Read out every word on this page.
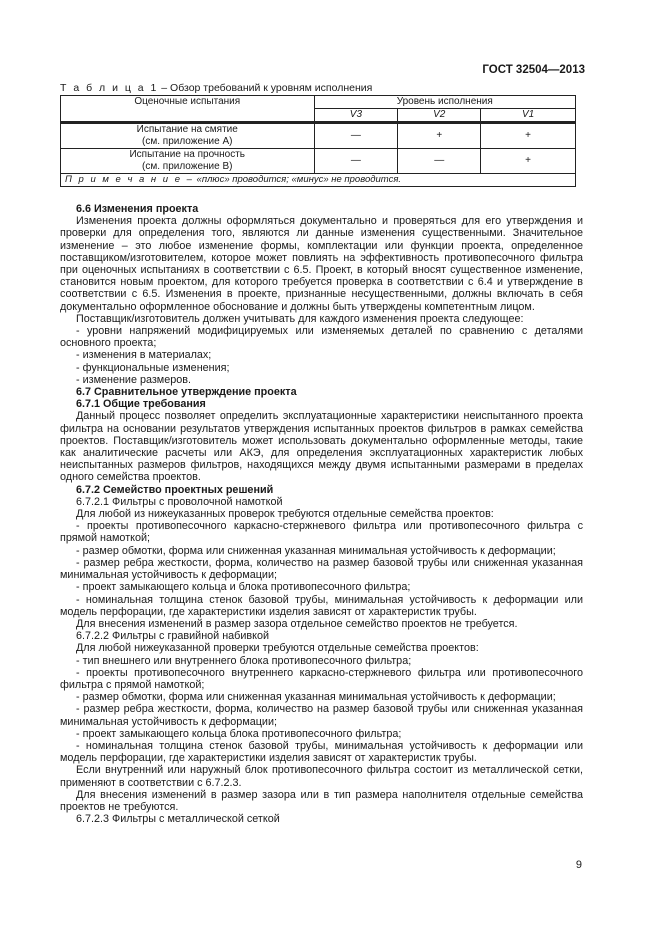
ГОСТ 32504—2013
Т а б л и ц а 1 – Обзор требований к уровням исполнения
Оценочные испытания	Уровень исполнения		
	V3	V2	V1

Испытание на смятие
(см. приложение А)	—	+	+

Испытание на прочность
(см. приложение В)	—	—	+
П р и м е ч а н и е – «плюс» проводится; «минус» не проводится.			

6.6 Изменения проекта

Изменения проекта должны оформляться документально и проверяться для его утверждения и проверки для определения того, являются ли данные изменения существенными. Значительное изменение – это любое изменение формы, комплектации или функции проекта, определенное поставщиком/изготовителем, которое может повлиять на эффективность противопесочного фильтра при оценочных испытаниях в соответствии с 6.5. Проект, в который вносят существенное изменение, становится новым проектом, для которого требуется проверка в соответствии с 6.4 и утверждение в соответствии с 6.5. Изменения в проекте, признанные несущественными, должны включать в себя документально оформленное обоснование и должны быть утверждены компетентным лицом.

Поставщик/изготовитель должен учитывать для каждого изменения проекта следующее:

- уровни напряжений модифицируемых или изменяемых деталей по сравнению с деталями основного проекта;

- изменения в материалах;

- функциональные изменения;

- изменение размеров.

6.7 Сравнительное утверждение проекта

6.7.1 Общие требования

Данный процесс позволяет определить эксплуатационные характеристики неиспытанного проекта фильтра на основании результатов утверждения испытанных проектов фильтров в рамках семейства проектов. Поставщик/изготовитель может использовать документально оформленные методы, такие как аналитические расчеты или АКЭ, для определения эксплуатационных характеристик любых неиспытанных размеров фильтров, находящихся между двумя испытанными размерами в пределах одного семейства проектов.

6.7.2 Семейство проектных решений

6.7.2.1 Фильтры с проволочной намоткой

Для любой из нижеуказанных проверок требуются отдельные семейства проектов:

- проекты противопесочного каркасно-стержневого фильтра или противопесочного фильтра с прямой намоткой;

- размер обмотки, форма или сниженная указанная минимальная устойчивость к деформации;

- размер ребра жесткости, форма, количество на размер базовой трубы или сниженная указанная минимальная устойчивость к деформации;

- проект замыкающего кольца и блока противопесочного фильтра;

- номинальная толщина стенок базовой трубы, минимальная устойчивость к деформации или модель перфорации, где характеристики изделия зависят от характеристик трубы.

Для внесения изменений в размер зазора отдельное семейство проектов не требуется.

6.7.2.2 Фильтры с гравийной набивкой

Для любой нижеуказанной проверки требуются отдельные семейства проектов:

- тип внешнего или внутреннего блока противопесочного фильтра;

- проекты противопесочного внутреннего каркасно-стержневого фильтра или противопесочного фильтра с прямой намоткой;

- размер обмотки, форма или сниженная указанная минимальная устойчивость к деформации;

- размер ребра жесткости, форма, количество на размер базовой трубы или сниженная указанная минимальная устойчивость к деформации;

- проект замыкающего кольца блока противопесочного фильтра;

- номинальная толщина стенок базовой трубы, минимальная устойчивость к деформации или модель перфорации, где характеристики изделия зависят от характеристик трубы.

Если внутренний или наружный блок противопесочного фильтра состоит из металлической сетки, применяют в соответствии с 6.7.2.3.

Для внесения изменений в размер зазора или в тип размера наполнителя отдельные семейства проектов не требуются.

6.7.2.3 Фильтры с металлической сеткой

9
